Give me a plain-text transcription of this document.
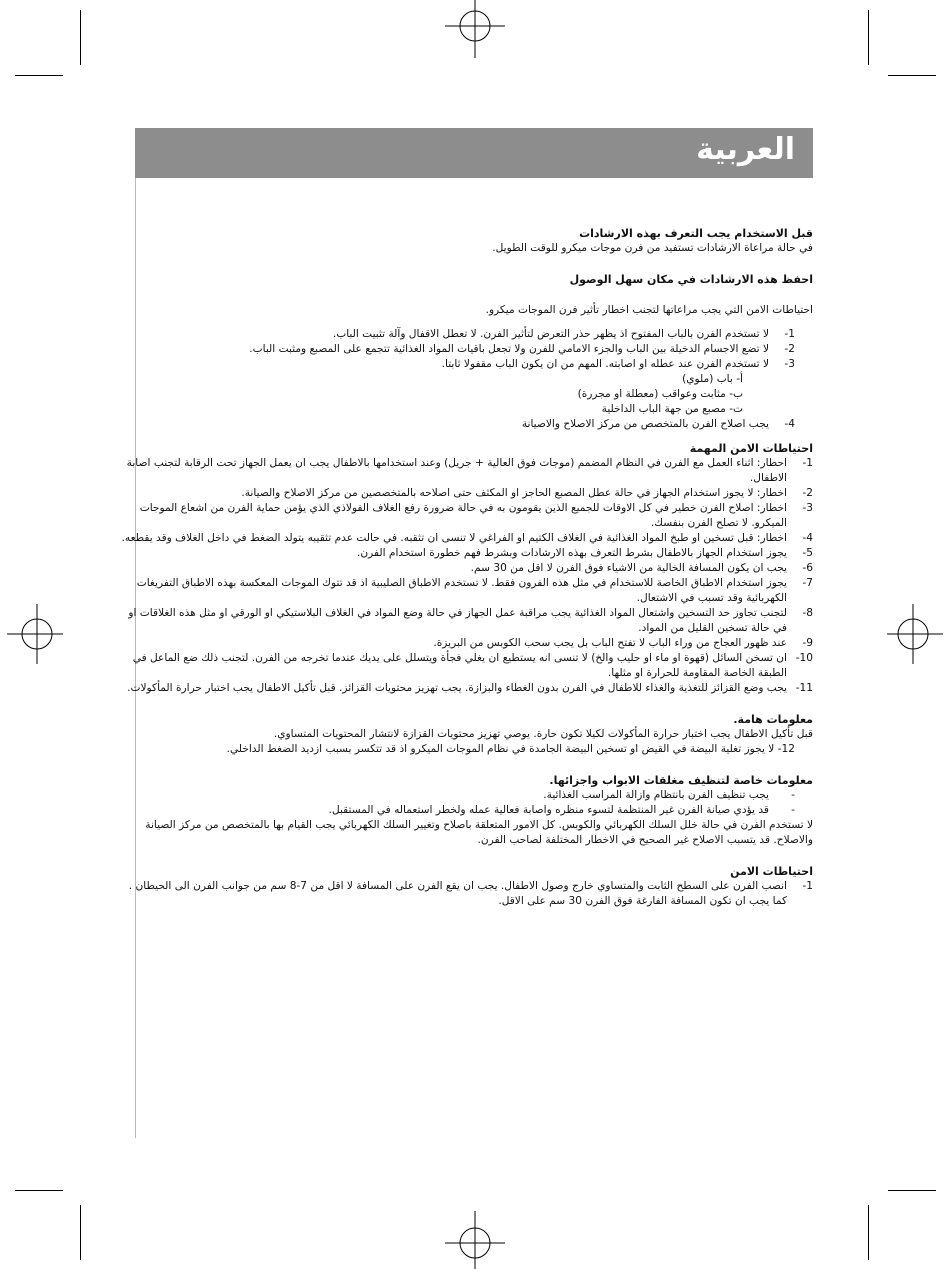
العربية
قبل الاستخدام يجب التعرف بهذه الارشادات

في حالة مراعاة الارشادات تستفيد من فرن موجات ميكرو للوقت الطويل.

احفظ هذه الارشادات في مكان سهل الوصول

احتياطات الامن التي يجب مراعاتها لتجنب اخطار تأثير فرن الموجات ميكرو.

1-
لا تستخدم الفرن بالباب المفتوح اذ يظهر حذر التعرض لتأثير الفرن. لا تعطل الاقفال وآلة تثبيت الباب.
2-
لا تضع الاجسام الدخيلة بين الباب والجزء الامامي للفرن ولا تجعل باقيات المواد الغذائية تتجمع على المصبع ومثبت الباب.
3-
لا تستخدم الفرن عند عطله او اصابته. المهم من ان يكون الباب مقفولا ثابتا.

أ- باب (ملوي)

ب- مثابت وعواقب (معطلة او مجررة)

ت- مصبع من جهة الباب الداخلية

4-
يجب اصلاح الفرن بالمتخصص من مركز الاصلاح والاصيانة
احتياطات الامن المهمة
1-
احطار: اثناء العمل مع الفرن في النظام المضمم (موجات فوق العالية + جريل) وعند استخدامها بالاطفال يجب ان يعمل الجهاز تحت الرقابة لتجنب اصابة الاطفال.
2-
اخطار: لا يجوز استخدام الجهاز في حالة عطل المصبع الحاجز او المكثف حتى اصلاحه بالمتخصصين من مركز الاصلاح والصيانة.
3-
اخطار: اصلاح الفرن خطير في كل الاوقات للجميع الذين يقومون به في حالة ضرورة رفع الغلاف الفولاذي الذي يؤمن حماية الفرن من اشعاع الموجات الميكرو. لا تصلح الفرن بنفسك.
4-
اخطار: قبل تسخين او طبخ المواد الغذائية في الغلاف الكتيم او الفراغي لا تنسى ان تثقبه. في حالت عدم تثقيبه يتولد الضغط في داخل الغلاف وقد يقطعه.
5-
يجوز استخدام الجهاز بالاطفال بشرط التعرف بهذه الارشادات وبشرط فهم خطورة استخدام الفرن.
6-
يجب ان يكون المسافة الخالية من الاشياء فوق الفرن لا اقل من 30 سم.
7-
يجوز استخدام الاطباق الخاصة للاستخدام في مثل هذه الفرون فقط. لا تستخدم الاطباق الصليبية اذ قد تتوك الموجات المعكسة بهذه الاطباق التفريغات الكهربائية وقد تسبب في الاشتعال.
8-
لتجنب تجاوز حد التسخين واشتعال المواد الغذائية يجب مراقبة عمل الجهاز في حالة وضع المواد في الغلاف البلاستيكي او الورقي او مثل هذه الغلاقات او في حالة تسخين القليل من المواد.
9-
عند ظهور العجاج من وراء الباب لا تفتح الباب بل يجب سحب الكوبس من البريزة.
10-
ان تسخن السائل (قهوة او ماء او حليب والخ) لا تنسى انه يستطيع ان يغلي فجأة ويتسلل على يديك عندما تخرجه من الفرن. لتجنب ذلك ضع الماعل في الطبقة الخاصة المقاومة للحرارة او مثلها.
11-
يجب وضع القزائز للتغذية والغذاء للاطفال في الفرن بدون الغطاء والبزازة. يجب تهزيز محتويات القزائز. قبل تأكيل الاطفال يجب اختبار حرارة المأكولات.
معلومات هامة.

قبل تأكيل الاطفال يجب اختبار حرارة المأكولات لكيلا تكون حارة. يوصي تهزيز محتويات القزازة لانتشار المحتويات المتساوي.

12- لا يجوز تغلية البيضة في القيض او تسخين البيضة الجامدة في نظام الموجات الميكرو اذ قد تتكسر بسبب ازديد الضغط الداخلي.

معلومات خاصة لتنظيف مغلقات الابواب واجزائها.
-
يجب تنظيف الفرن بانتظام وازالة المراسب الغذائية.
-
قد يؤدي صيانة الفرن غير المنتظمة لتسوء منظره واصابة فعالية عمله ولخطر استعماله في المستقبل.

لا تستخدم الفرن في حالة خلل السلك الكهربائي والكوبس. كل الامور المتعلقة باصلاح وتغيير السلك الكهربائي يجب القيام بها بالمتخصص من مركز الصيانة والاصلاح. قد يتسبب الاصلاح غير الصحيح في الاخطار المختلفة لصاحب الفرن.

احتياطات الامن
1-
انصب الفرن على السطح الثابت والمتساوي خارج وصول الاطفال. يجب ان يقع الفرن على المسافة لا اقل من 7-8 سم من جوانب الفرن الى الحيطان . كما يجب ان تكون المسافة الفارغة فوق الفرن 30 سم على الاقل.
